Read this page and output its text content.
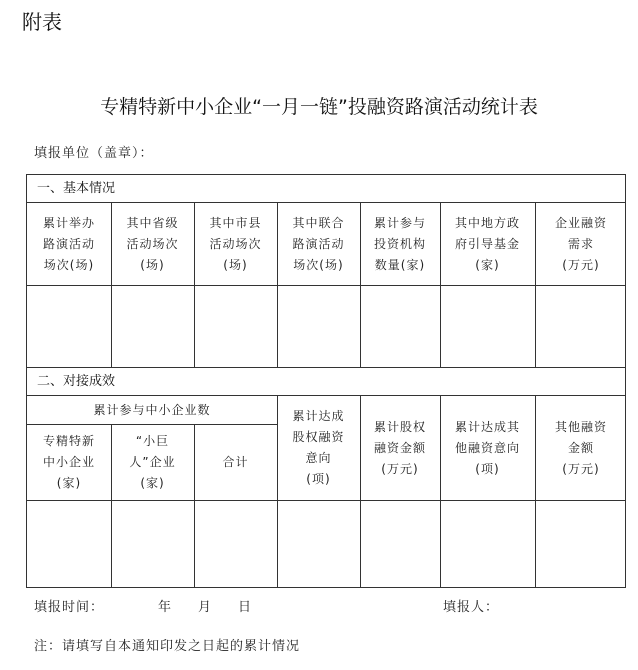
附表
专精特新中小企业“一月一链”投融资路演活动统计表
填报单位（盖章）：
一、基本情况
累计举办
路演活动
场次(场)
其中省级
活动场次
(场)
其中市县
活动场次
(场)
其中联合
路演活动
场次(场)
累计参与
投资机构
数量(家)
其中地方政
府引导基金
(家)
企业融资
需求
(万元)
二、对接成效
累计参与中小企业数
专精特新
中小企业
(家)
“小巨
人”企业
(家)
合计
累计达成
股权融资
意向
(项)
累计股权
融资金额
(万元)
累计达成其
他融资意向
(项)
其他融资
金额
(万元)
填报时间：	年 月 日	填报人：
注：请填写自本通知印发之日起的累计情况
